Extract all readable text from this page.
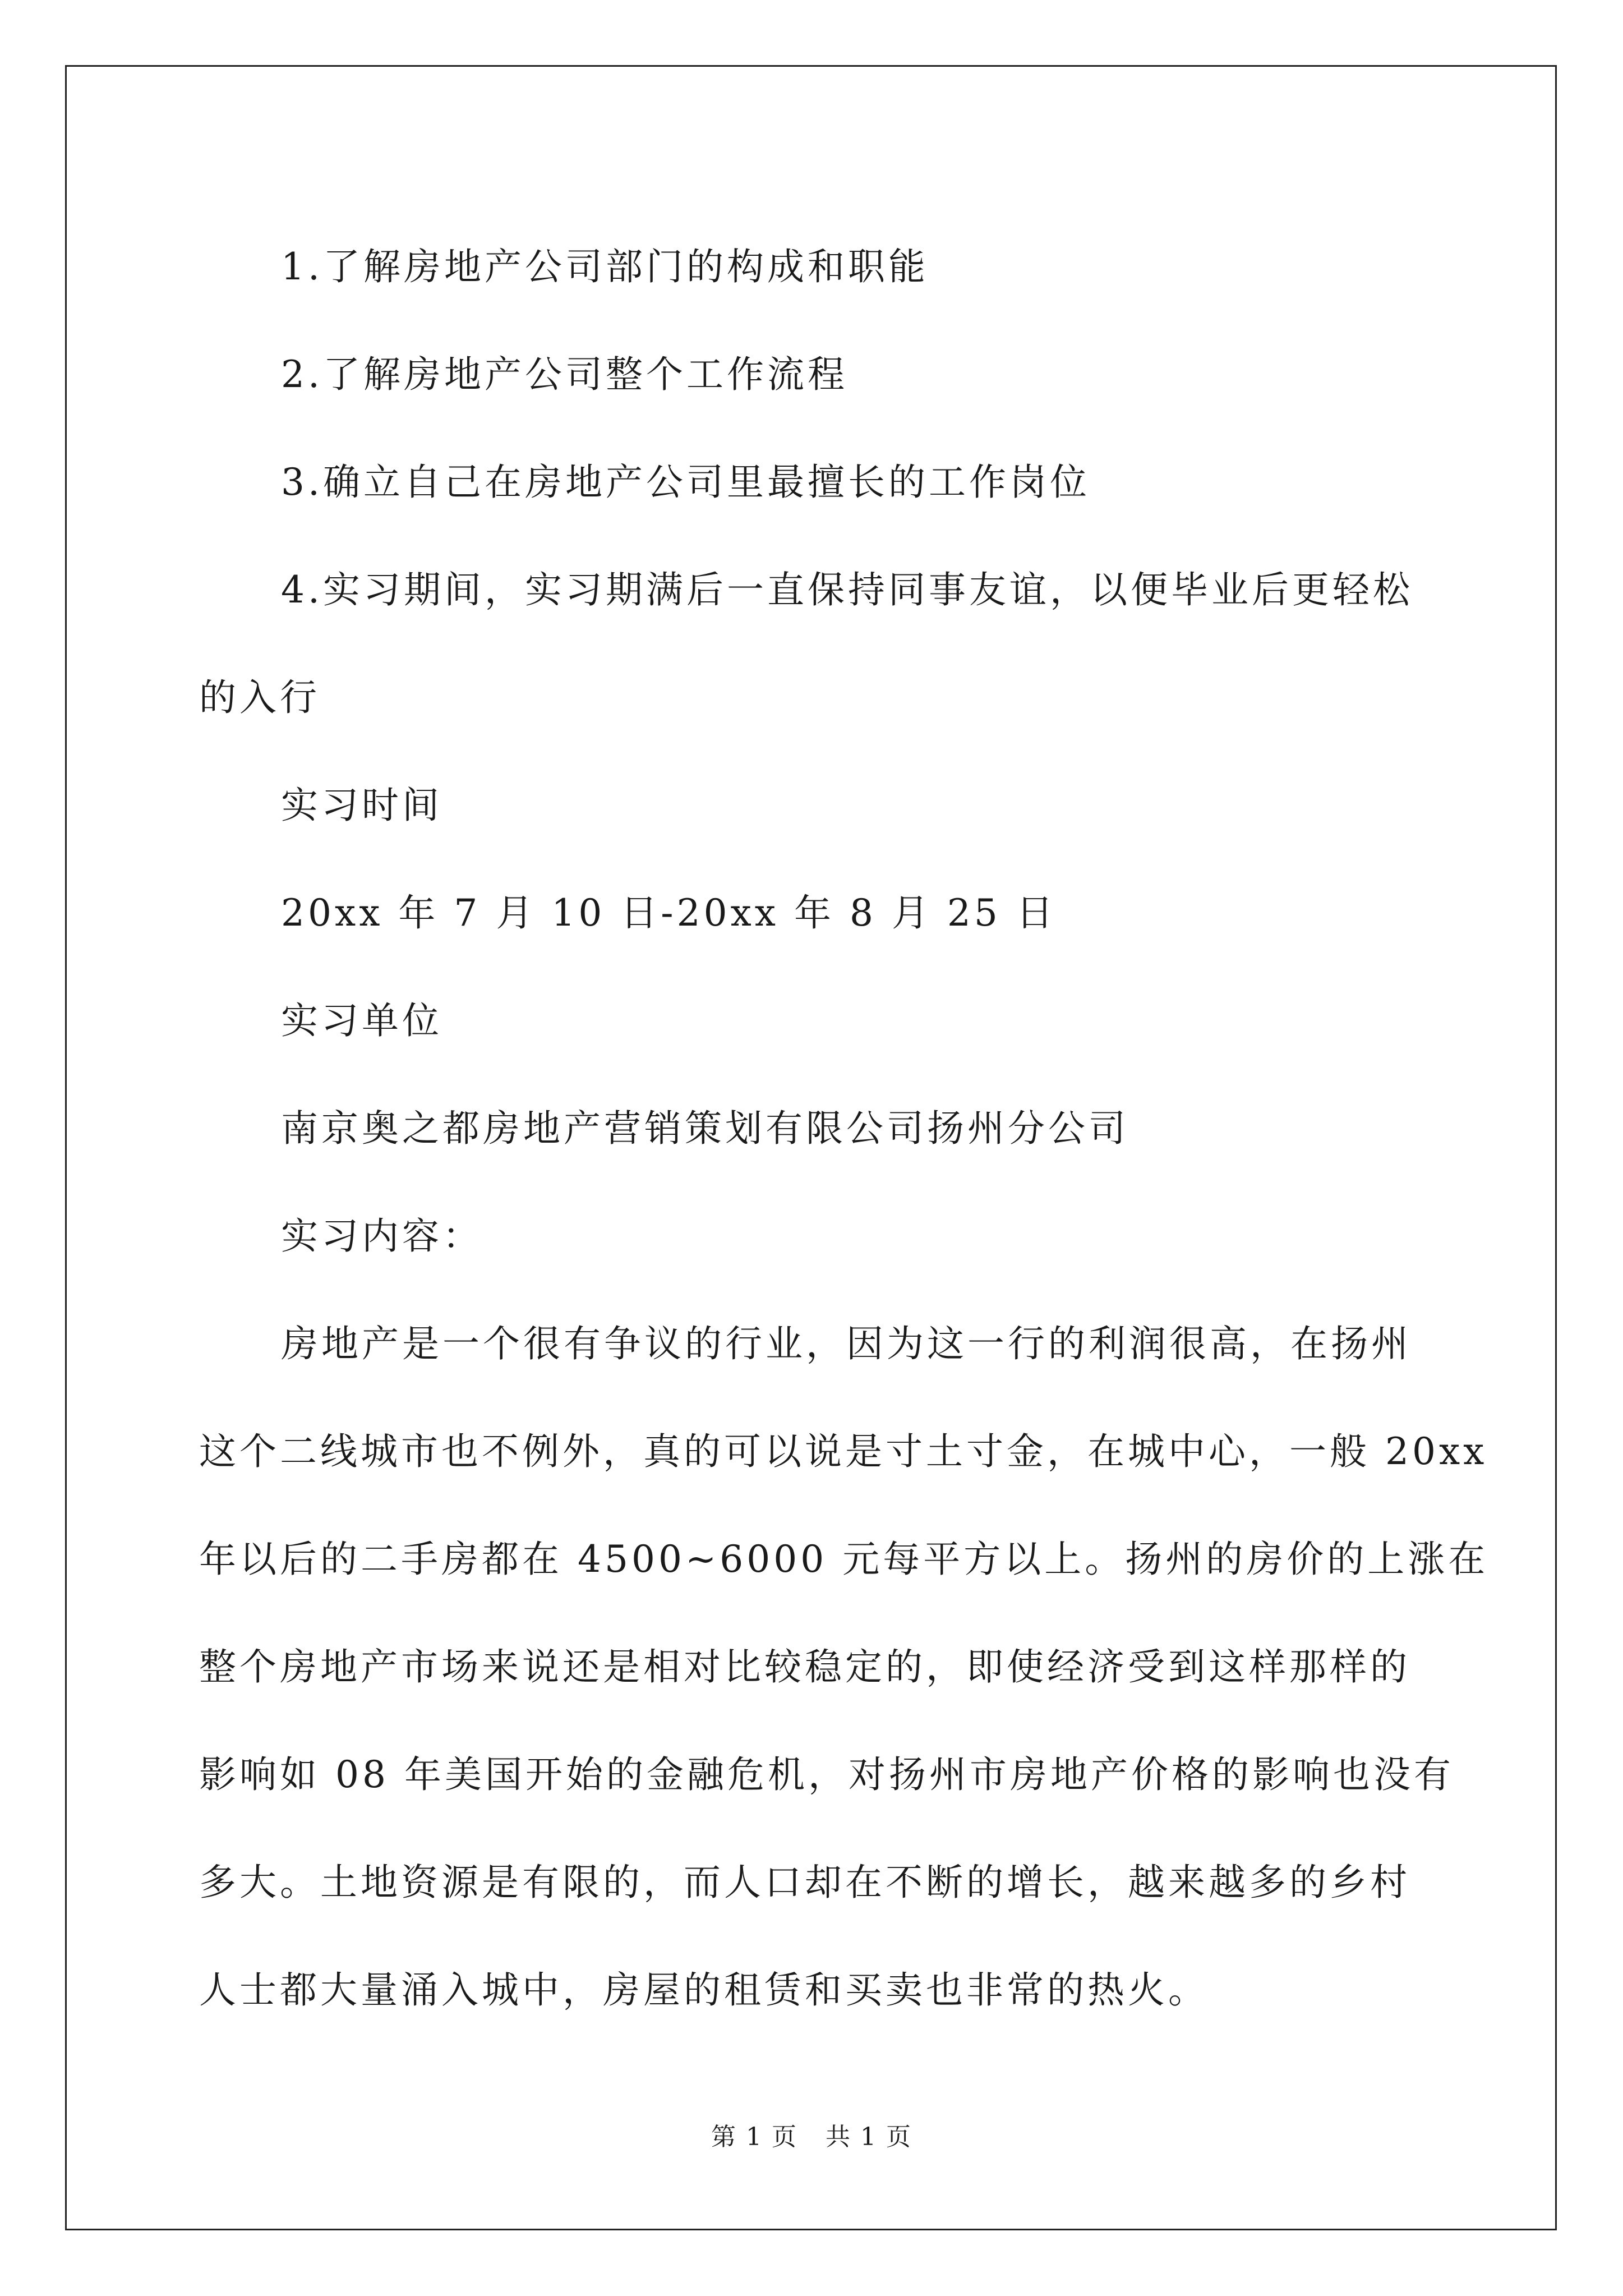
1.了解房地产公司部门的构成和职能

2.了解房地产公司整个工作流程

3.确立自己在房地产公司里最擅长的工作岗位

4.实习期间，实习期满后一直保持同事友谊，以便毕业后更轻松
的入行

实习时间

20xx 年 7 月 10 日-20xx 年 8 月 25 日

实习单位

南京奥之都房地产营销策划有限公司扬州分公司

实习内容：

房地产是一个很有争议的行业，因为这一行的利润很高，在扬州
这个二线城市也不例外，真的可以说是寸土寸金，在城中心，一般 20xx
年以后的二手房都在 4500~6000 元每平方以上。扬州的房价的上涨在
整个房地产市场来说还是相对比较稳定的，即使经济受到这样那样的
影响如 08 年美国开始的金融危机，对扬州市房地产价格的影响也没有
多大。土地资源是有限的，而人口却在不断的增长，越来越多的乡村
人士都大量涌入城中，房屋的租赁和买卖也非常的热火。

第 1 页 共 1 页
